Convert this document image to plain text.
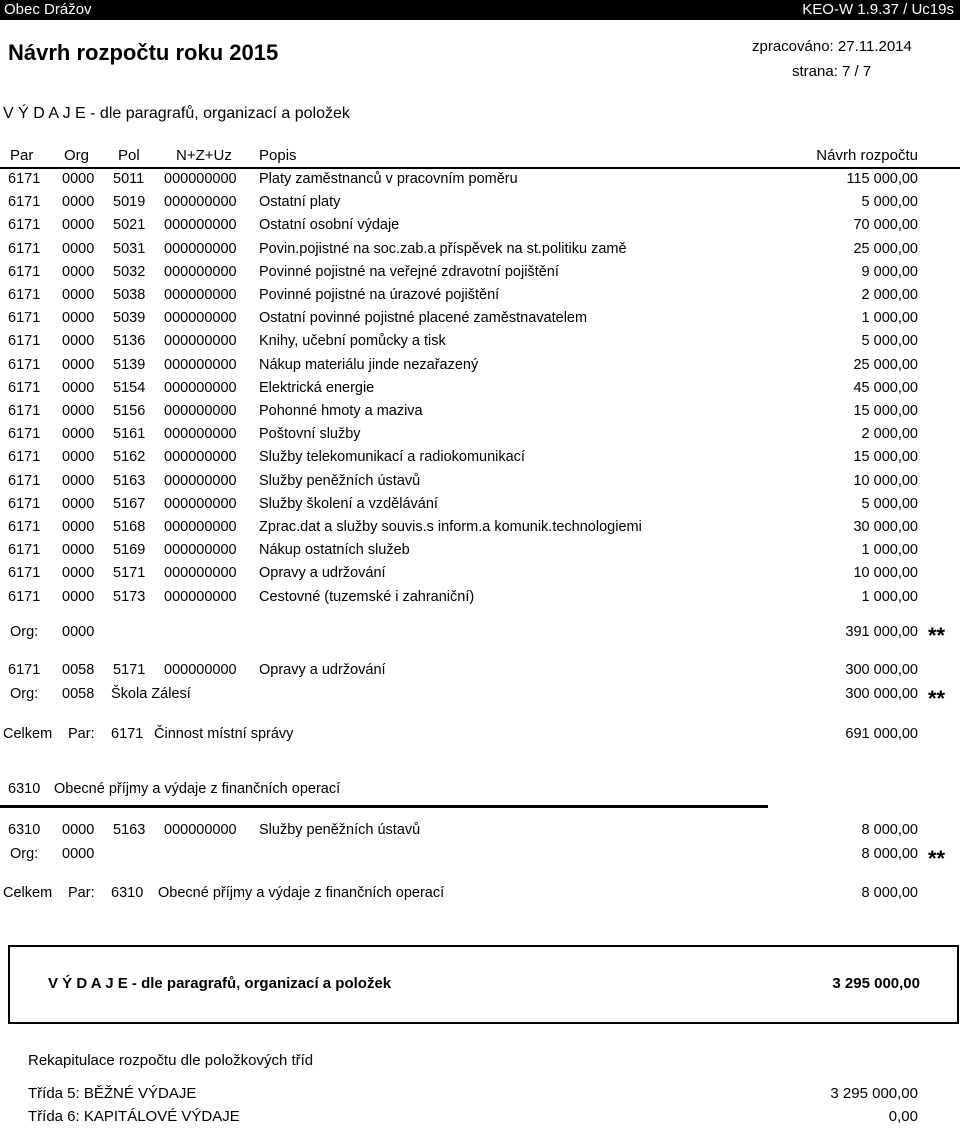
Obec Drážov	KEO-W 1.9.37 / Uc19s
Návrh rozpočtu roku 2015	zpracováno: 27.11.2014
strana: 7 / 7
V Ý D A J E - dle paragrafů, organizací a položek
Par Org Pol N+Z+Uz Popis	Návrh rozpočtu
6171 0000 5011 000000000 Platy zaměstnanců v pracovním poměru	115 000,00
6171 0000 5019 000000000 Ostatní platy	5 000,00
6171 0000 5021 000000000 Ostatní osobní výdaje	70 000,00
6171 0000 5031 000000000 Povin.pojistné na soc.zab.a příspěvek na st.politiku zamě	25 000,00
6171 0000 5032 000000000 Povinné pojistné na veřejné zdravotní pojištění	9 000,00
6171 0000 5038 000000000 Povinné pojistné na úrazové pojištění	2 000,00
6171 0000 5039 000000000 Ostatní povinné pojistné placené zaměstnavatelem	1 000,00
6171 0000 5136 000000000 Knihy, učební pomůcky a tisk	5 000,00
6171 0000 5139 000000000 Nákup materiálu jinde nezařazený	25 000,00
6171 0000 5154 000000000 Elektrická energie	45 000,00
6171 0000 5156 000000000 Pohonné hmoty a maziva	15 000,00
6171 0000 5161 000000000 Poštovní služby	2 000,00
6171 0000 5162 000000000 Služby telekomunikací a radiokomunikací	15 000,00
6171 0000 5163 000000000 Služby peněžních ústavů	10 000,00
6171 0000 5167 000000000 Služby školení a vzdělávání	5 000,00
6171 0000 5168 000000000 Zprac.dat a služby souvis.s inform.a komunik.technologiemi	30 000,00
6171 0000 5169 000000000 Nákup ostatních služeb	1 000,00
6171 0000 5171 000000000 Opravy a udržování	10 000,00
6171 0000 5173 000000000 Cestovné (tuzemské i zahraniční)	1 000,00
Org: 0000	391 000,00 **
6171 0058 5171 000000000 Opravy a udržování	300 000,00
Org: 0058 Škola Zálesí	300 000,00 **
Celkem Par: 6171 Činnost místní správy	691 000,00
6310 Obecné příjmy a výdaje z finančních operací
6310 0000 5163 000000000 Služby peněžních ústavů	8 000,00
Org: 0000	8 000,00 **
Celkem Par: 6310 Obecné příjmy a výdaje z finančních operací	8 000,00
V Ý D A J E - dle paragrafů, organizací a položek	3 295 000,00
Rekapitulace rozpočtu dle položkových tříd
Třída 5: BĚŽNÉ VÝDAJE	3 295 000,00
Třída 6: KAPITÁLOVÉ VÝDAJE	0,00
